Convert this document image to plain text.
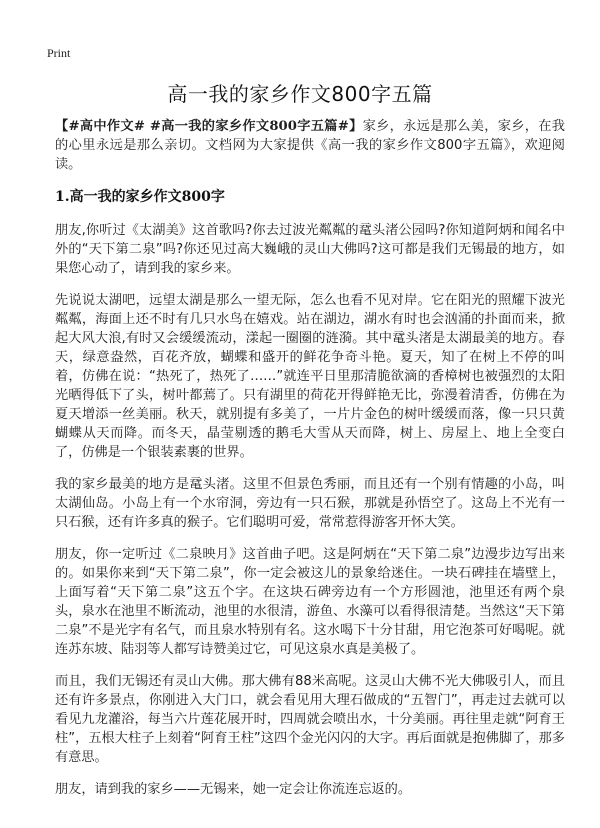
Print
高一我的家乡作文800字五篇

【#高中作文# #高一我的家乡作文800字五篇#】家乡，永远是那么美，家乡，在我的心里永远是那么亲切。文档网为大家提供《高一我的家乡作文800字五篇》，欢迎阅读。

1.高一我的家乡作文800字

朋友,你听过《太湖美》这首歌吗?你去过波光粼粼的鼋头渚公园吗?你知道阿炳和闻名中外的“天下第二泉”吗?你还见过高大巍峨的灵山大佛吗?这可都是我们无锡最的地方，如果您心动了，请到我的家乡来。

先说说太湖吧，远望太湖是那么一望无际，怎么也看不见对岸。它在阳光的照耀下波光粼粼，海面上还不时有几只水鸟在嬉戏。站在湖边，湖水有时也会汹涌的扑面而来，掀起大风大浪,有时又会缓缓流动，漾起一圈圈的涟漪。其中鼋头渚是太湖最美的地方。春天，绿意盎然，百花齐放，蝴蝶和盛开的鲜花争奇斗艳。夏天，知了在树上不停的叫着，仿佛在说：“热死了，热死了……”就连平日里那清脆欲滴的香樟树也被强烈的太阳光晒得低下了头，树叶都蔫了。只有湖里的荷花开得鲜艳无比，弥漫着清香，仿佛在为夏天增添一丝美丽。秋天，就别提有多美了，一片片金色的树叶缓缓而落，像一只只黄蝴蝶从天而降。而冬天，晶莹剔透的鹅毛大雪从天而降，树上、房屋上、地上全变白了，仿佛是一个银装素裹的世界。

我的家乡最美的地方是鼋头渚。这里不但景色秀丽，而且还有一个别有情趣的小岛，叫太湖仙岛。小岛上有一个水帘洞，旁边有一只石猴，那就是孙悟空了。这岛上不光有一只石猴，还有许多真的猴子。它们聪明可爱，常常惹得游客开怀大笑。

朋友，你一定听过《二泉映月》这首曲子吧。这是阿炳在“天下第二泉”边漫步边写出来的。如果你来到“天下第二泉”，你一定会被这儿的景象给迷住。一块石碑挂在墙壁上，上面写着“天下第二泉”这五个字。在这块石碑旁边有一个方形圆池，池里还有两个泉头，泉水在池里不断流动，池里的水很清，游鱼、水藻可以看得很清楚。当然这“天下第二泉”不是光字有名气，而且泉水特别有名。这水喝下十分甘甜，用它泡茶可好喝呢。就连苏东坡、陆羽等人都写诗赞美过它，可见这泉水真是美极了。

而且，我们无锡还有灵山大佛。那大佛有88米高呢。这灵山大佛不光大佛吸引人，而且还有许多景点，你刚进入大门口，就会看见用大理石做成的“五智门”，再走过去就可以看见九龙灌浴，每当六片莲花展开时，四周就会喷出水，十分美丽。再往里走就“阿育王柱”，五根大柱子上刻着“阿育王柱”这四个金光闪闪的大字。再后面就是抱佛脚了，那多有意思。

朋友，请到我的家乡——无锡来，她一定会让你流连忘返的。
